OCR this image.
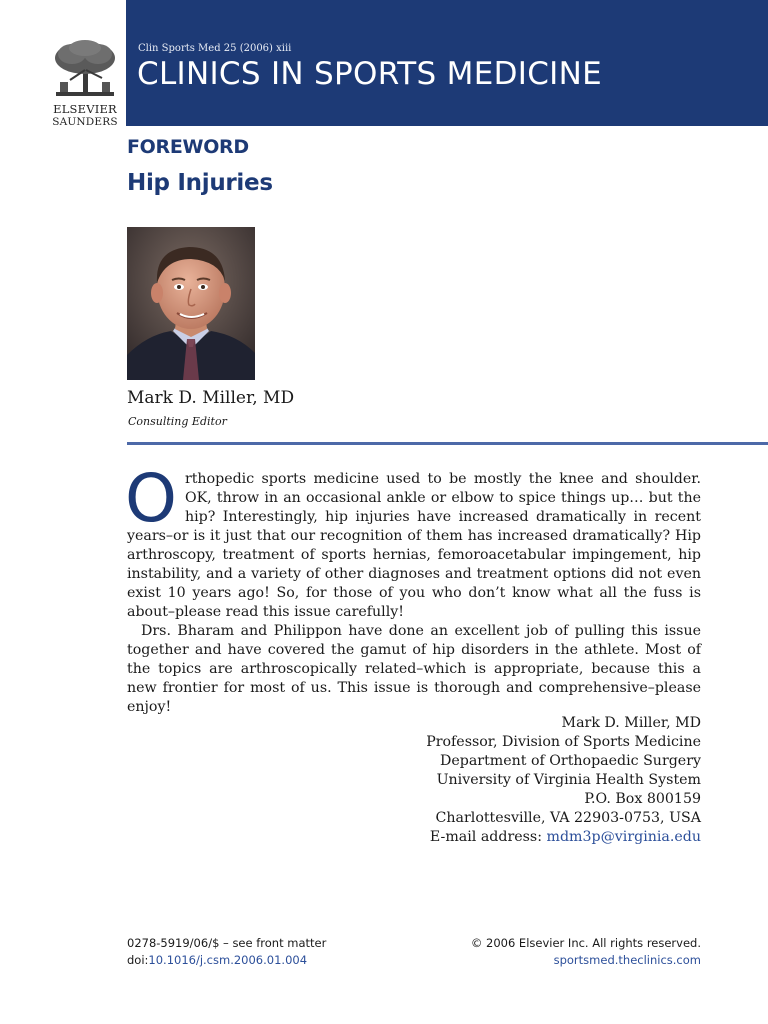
ELSEVIER
SAUNDERS
Clin Sports Med 25 (2006) xiii
CLINICS IN SPORTS MEDICINE
FOREWORD
Hip Injuries
Mark D. Miller, MD
Consulting Editor

Orthopedic sports medicine used to be mostly the knee and shoulder. OK, throw in an occasional ankle or elbow to spice things up… but the hip? Interestingly, hip injuries have increased dramatically in recent years–or is it just that our recognition of them has increased dramatically? Hip arthroscopy, treatment of sports hernias, femoroacetabular impingement, hip instability, and a variety of other diagnoses and treatment options did not even exist 10 years ago! So, for those of you who don’t know what all the fuss is about–please read this issue carefully!

Drs. Bharam and Philippon have done an excellent job of pulling this issue together and have covered the gamut of hip disorders in the athlete. Most of the topics are arthroscopically related–which is appropriate, because this a new frontier for most of us. This issue is thorough and comprehensive–please enjoy!

Mark D. Miller, MD
Professor, Division of Sports Medicine
Department of Orthopaedic Surgery
University of Virginia Health System
P.O. Box 800159
Charlottesville, VA 22903-0753, USA
E-mail address: mdm3p@virginia.edu
0278-5919/06/$ – see front matter
doi:10.1016/j.csm.2006.01.004
© 2006 Elsevier Inc. All rights reserved.
sportsmed.theclinics.com
